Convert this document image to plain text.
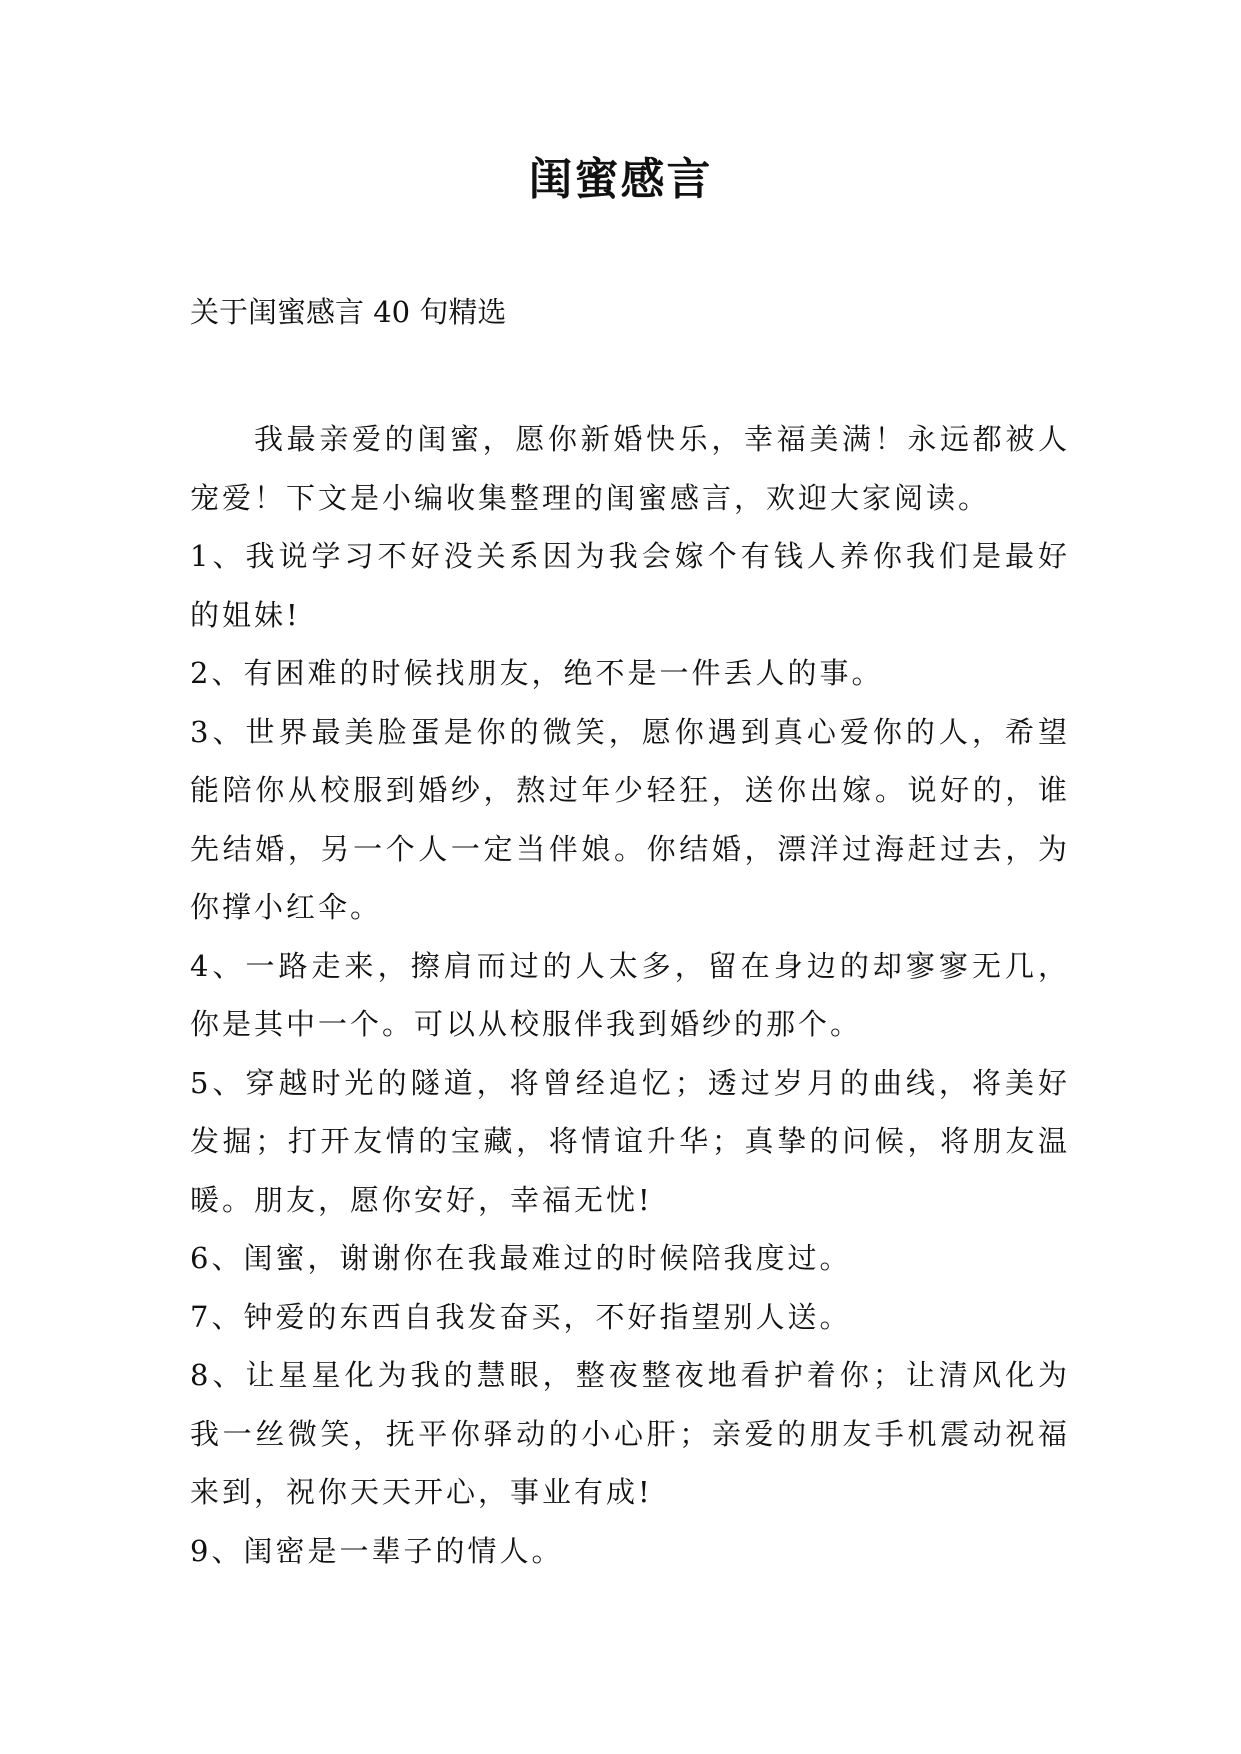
闺蜜感言
关于闺蜜感言 40 句精选

我最亲爱的闺蜜，愿你新婚快乐，幸福美满！永远都被人宠爱！下文是小编收集整理的闺蜜感言，欢迎大家阅读。

1、我说学习不好没关系因为我会嫁个有钱人养你我们是最好的姐妹!

2、有困难的时候找朋友，绝不是一件丢人的事。

3、世界最美脸蛋是你的微笑，愿你遇到真心爱你的人，希望能陪你从校服到婚纱，熬过年少轻狂，送你出嫁。说好的，谁先结婚，另一个人一定当伴娘。你结婚，漂洋过海赶过去，为你撑小红伞。

4、一路走来，擦肩而过的人太多，留在身边的却寥寥无几，你是其中一个。可以从校服伴我到婚纱的那个。

5、穿越时光的隧道，将曾经追忆；透过岁月的曲线，将美好发掘；打开友情的宝藏，将情谊升华；真挚的问候，将朋友温暖。朋友，愿你安好，幸福无忧!

6、闺蜜，谢谢你在我最难过的时候陪我度过。

7、钟爱的东西自我发奋买，不好指望别人送。

8、让星星化为我的慧眼，整夜整夜地看护着你；让清风化为我一丝微笑，抚平你驿动的小心肝；亲爱的朋友手机震动祝福来到，祝你天天开心，事业有成!

9、闺密是一辈子的情人。
